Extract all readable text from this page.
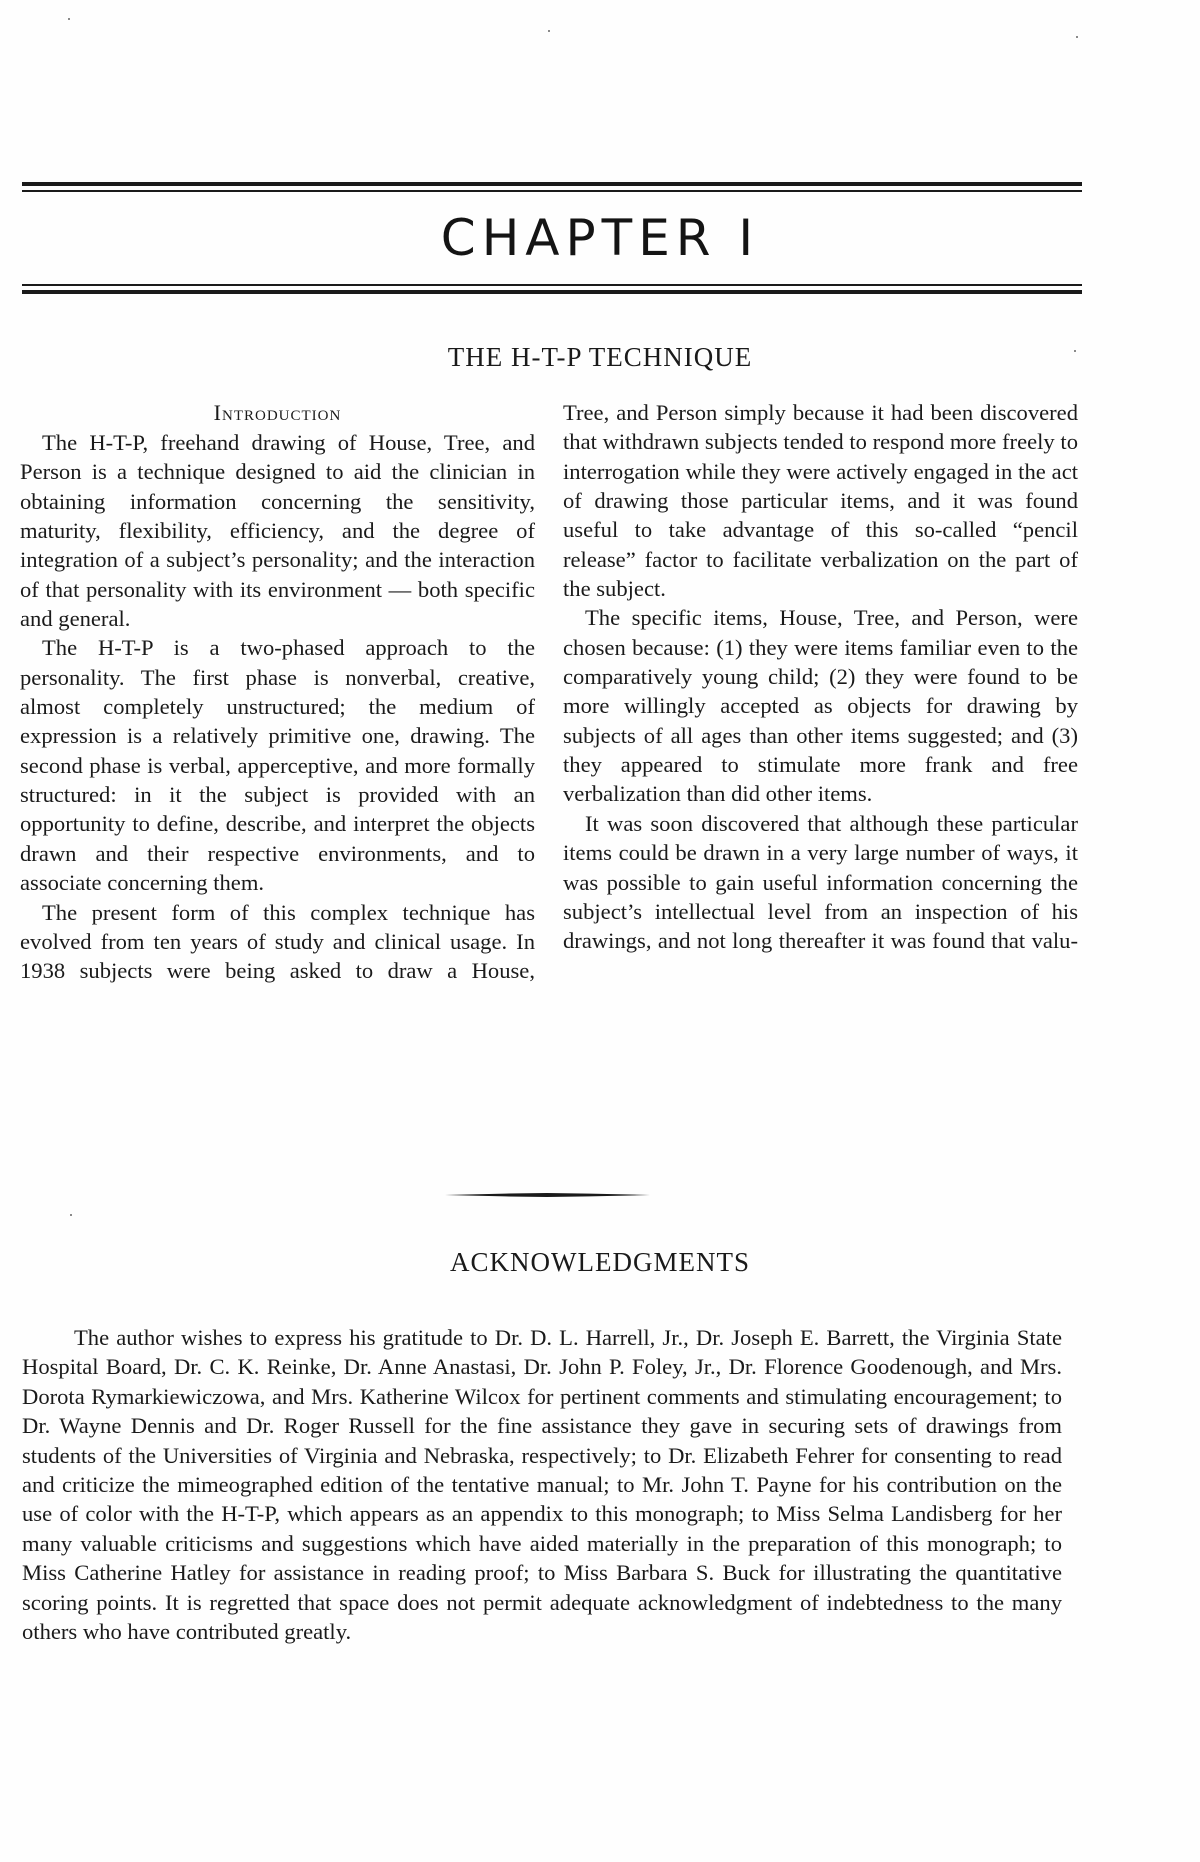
CHAPTER I
THE H-T-P TECHNIQUE
Introduction

The H-T-P, freehand drawing of House, Tree, and Person is a technique designed to aid the clinician in obtaining information concerning the sensitivity, maturity, flexibility, efficiency, and the degree of integration of a subject’s personality; and the interaction of that personality with its environment — both specific and general.

The H-T-P is a two-phased approach to the personality. The first phase is nonverbal, creative, almost completely unstructured; the medium of expression is a relatively primitive one, drawing. The second phase is verbal, apperceptive, and more formally structured: in it the subject is provided with an opportunity to define, describe, and interpret the objects drawn and their respective environments, and to associate concerning them.

The present form of this complex technique has evolved from ten years of study and clinical usage. In 1938 subjects were being asked to draw a House,

Tree, and Person simply because it had been discovered that withdrawn subjects tended to respond more freely to interrogation while they were actively engaged in the act of drawing those particular items, and it was found useful to take advantage of this so-called “pencil release” factor to facilitate verbalization on the part of the subject.

The specific items, House, Tree, and Person, were chosen because: (1) they were items familiar even to the comparatively young child; (2) they were found to be more willingly accepted as objects for drawing by subjects of all ages than other items suggested; and (3) they appeared to stimulate more frank and free verbalization than did other items.

It was soon discovered that although these particular items could be drawn in a very large number of ways, it was possible to gain useful information concerning the subject’s intellectual level from an inspection of his drawings, and not long thereafter it was found that valu-

ACKNOWLEDGMENTS

The author wishes to express his gratitude to Dr. D. L. Harrell, Jr., Dr. Joseph E. Barrett, the Virginia State Hospital Board, Dr. C. K. Reinke, Dr. Anne Anastasi, Dr. John P. Foley, Jr., Dr. Florence Goodenough, and Mrs. Dorota Rymarkiewiczowa, and Mrs. Katherine Wilcox for pertinent comments and stimulating encouragement; to Dr. Wayne Dennis and Dr. Roger Russell for the fine assistance they gave in securing sets of drawings from students of the Universities of Virginia and Nebraska, respectively; to Dr. Elizabeth Fehrer for consenting to read and criticize the mimeographed edition of the tentative manual; to Mr. John T. Payne for his contribution on the use of color with the H-T-P, which appears as an appendix to this monograph; to Miss Selma Landisberg for her many valuable criticisms and suggestions which have aided materially in the preparation of this monograph; to Miss Catherine Hatley for assistance in reading proof; to Miss Barbara S. Buck for illustrating the quantitative scoring points. It is regretted that space does not permit adequate acknowledgment of indebtedness to the many others who have contributed greatly.
